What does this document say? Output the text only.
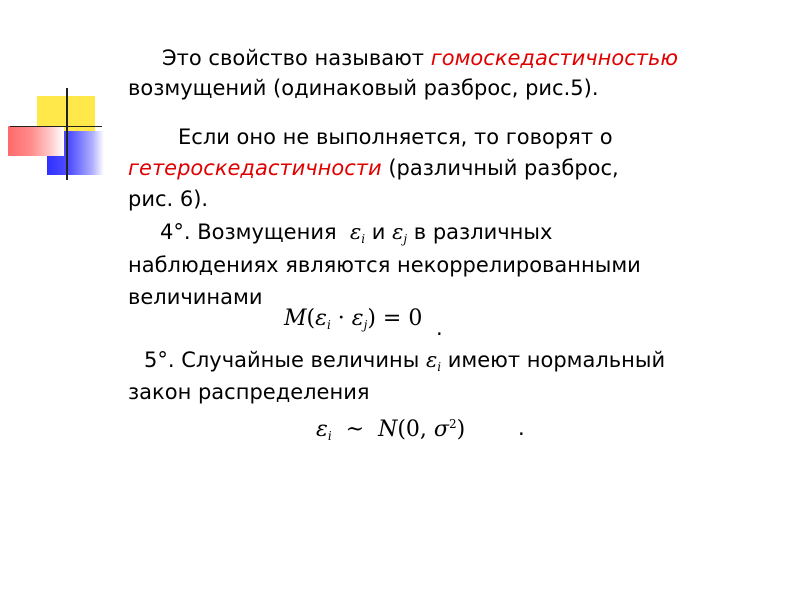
Это свойство называют гомоскедастичностью
возмущений (одинаковый разброс, рис.5).
Если оно не выполняется, то говорят о
гетероскедастичности (различный разброс,
рис. 6).
4°. Возмущения  $\varepsilon_i$ и $\varepsilon_j$ в различных
наблюдениях являются некоррелированными
величинами
$M(\varepsilon_i \cdot \varepsilon_j) = 0$ .
5°. Случайные величины $\varepsilon_i$ имеют нормальный
закон распределения
$\varepsilon_i$  ~  N(0, $\sigma^2$)	.
